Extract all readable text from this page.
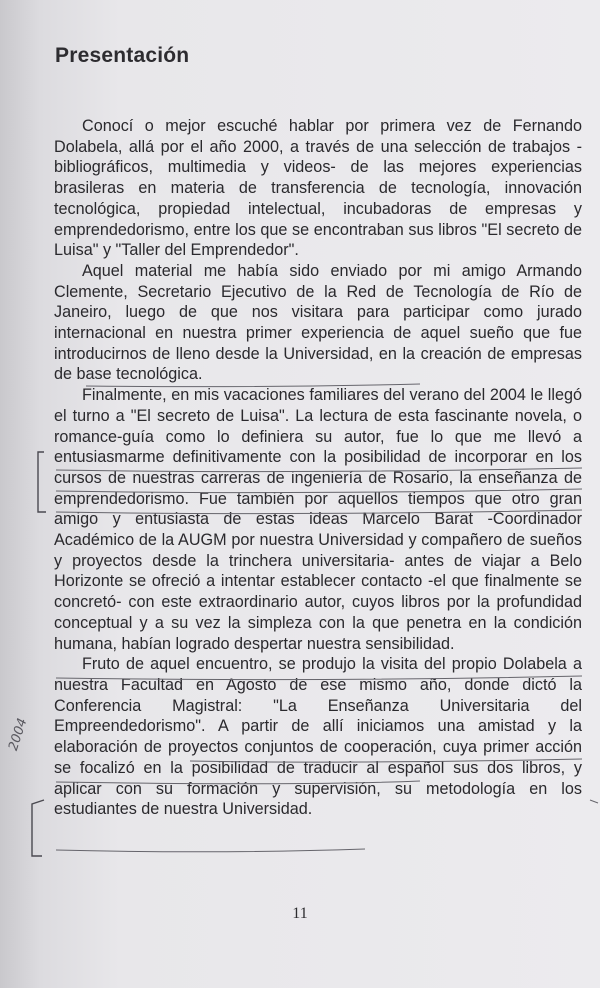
Presentación

Conocí o mejor escuché hablar por primera vez de Fernando Dolabela, allá por el año 2000, a través de una selección de trabajos -bibliográficos, multimedia y videos- de las mejores experiencias brasileras en materia de transferencia de tecnología, innovación tecnológica, propiedad intelectual, incubadoras de empresas y emprendedorismo, entre los que se encontraban sus libros "El secreto de Luisa" y "Taller del Emprendedor".

Aquel material me había sido enviado por mi amigo Armando Clemente, Secretario Ejecutivo de la Red de Tecnología de Río de Janeiro, luego de que nos visitara para participar como jurado internacional en nuestra primer experiencia de aquel sueño que fue introducirnos de lleno desde la Universidad, en la creación de empresas de base tecnológica.

Finalmente, en mis vacaciones familiares del verano del 2004 le llegó el turno a "El secreto de Luisa". La lectura de esta fascinante novela, o romance-guía como lo definiera su autor, fue lo que me llevó a entusiasmarme definitivamente con la posibilidad de incorporar en los cursos de nuestras carreras de ingeniería de Rosario, la enseñanza de emprendedorismo. Fue también por aquellos tiempos que otro gran amigo y entusiasta de estas ideas Marcelo Barat -Coordinador Académico de la AUGM por nuestra Universidad y compañero de sueños y proyectos desde la trinchera universitaria- antes de viajar a Belo Horizonte se ofreció a intentar establecer contacto -el que finalmente se concretó- con este extraordinario autor, cuyos libros por la profundidad conceptual y a su vez la simpleza con la que penetra en la condición humana, habían logrado despertar nuestra sensibilidad.

Fruto de aquel encuentro, se produjo la visita del propio Dolabela a nuestra Facultad en Agosto de ese mismo año, donde dictó la Conferencia Magistral: "La Enseñanza Universitaria del Empreendedorismo". A partir de allí iniciamos una amistad y la elaboración de proyectos conjuntos de cooperación, cuya primer acción se focalizó en la posibilidad de traducir al español sus dos libros, y aplicar con su formación y supervisión, su metodología en los estudiantes de nuestra Universidad.

2004
11
